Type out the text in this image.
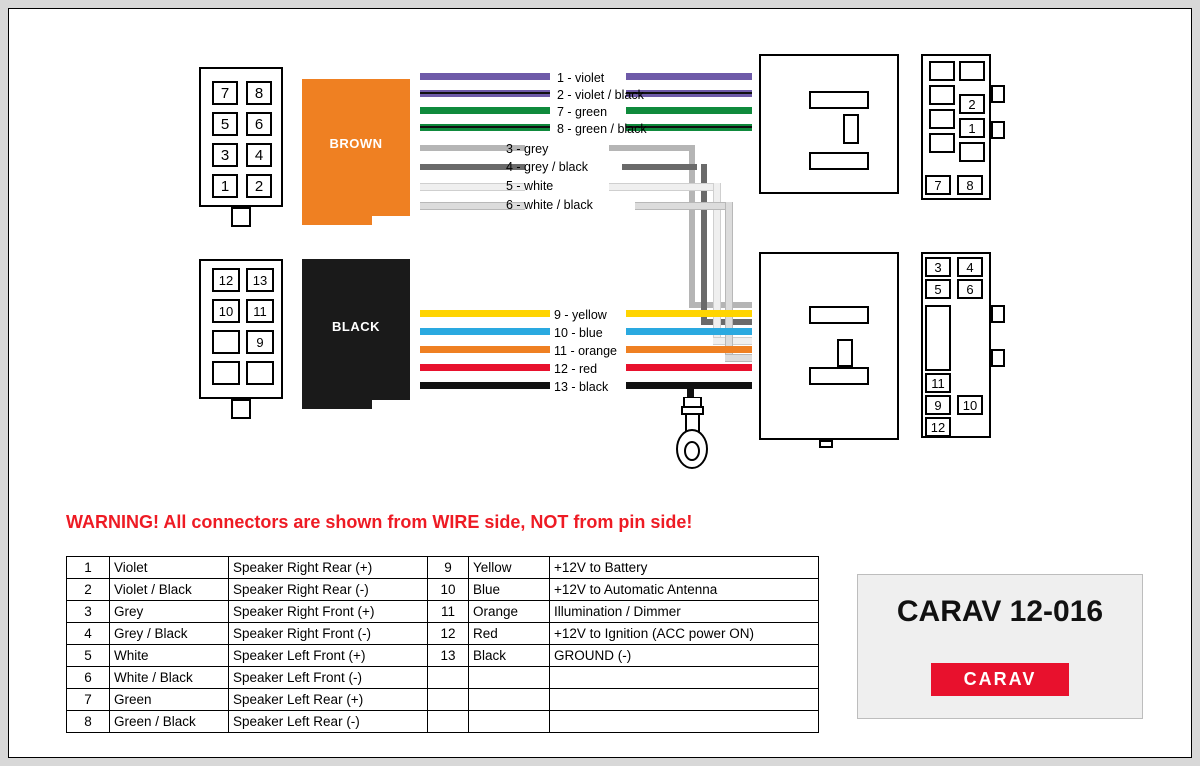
7	8
5	6
3	4
1	2
BROWN
12	13
10	11
9
BLACK
1 - violet
2 - violet / black
7 - green
8 - green / black
3 - grey
4 - grey / black
5 - white
6 - white / black
9 - yellow
10 - blue
11 - orange
12 - red
13 - black
2
1
7	8
3	4
5	6
11
9	10
12
WARNING! All connectors are shown from WIRE side, NOT from pin side!
1	Violet	Speaker Right Rear (+)	9	Yellow	+12V to Battery
2	Violet / Black	Speaker Right Rear (-)	10	Blue	+12V to Automatic Antenna
3	Grey	Speaker Right Front (+)	11	Orange	Illumination / Dimmer
4	Grey / Black	Speaker Right Front (-)	12	Red	+12V to Ignition (ACC power ON)
5	White	Speaker Left Front (+)	13	Black	GROUND (-)
6	White / Black	Speaker Left Front (-)			
7	Green	Speaker Left Rear (+)			
8	Green / Black	Speaker Left Rear (-)			
CARAV 12-016
CARAV
